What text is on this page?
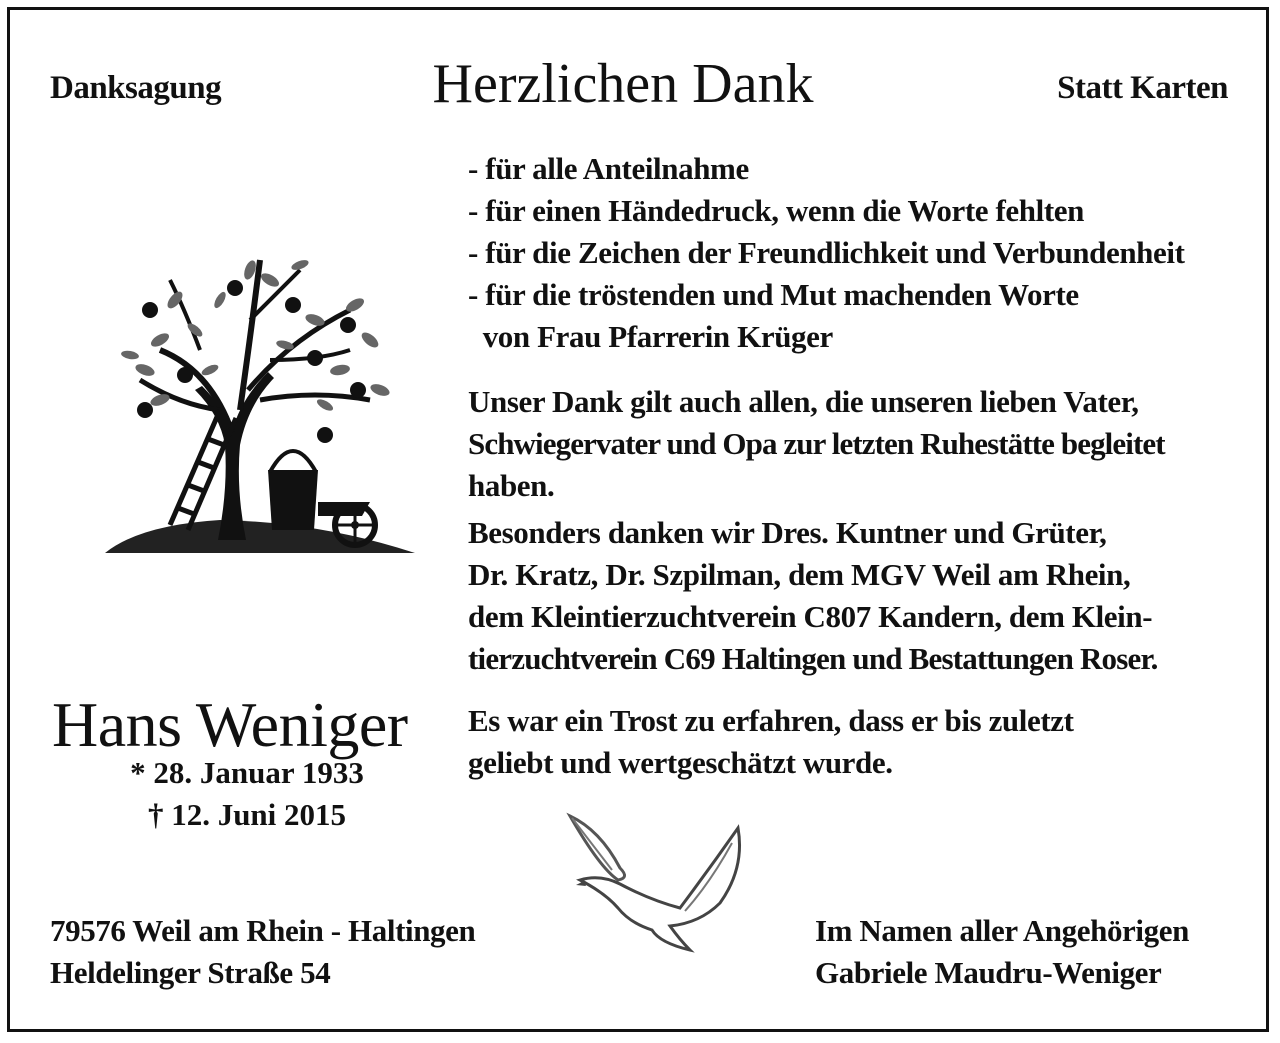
Danksagung	Herzlichen Dank	Statt Karten
- für alle Anteilnahme
- für einen Händedruck, wenn die Worte fehlten
- für die Zeichen der Freundlichkeit und Verbundenheit
- für die tröstenden und Mut machenden Worte
von Frau Pfarrerin Krüger
Unser Dank gilt auch allen, die unseren lieben Vater,
Schwiegervater und Opa zur letzten Ruhestätte begleitet
haben.
Besonders danken wir Dres. Kuntner und Grüter,
Dr. Kratz, Dr. Szpilman, dem MGV Weil am Rhein,
dem Kleintierzuchtverein C807 Kandern, dem Klein-
tierzuchtverein C69 Haltingen und Bestattungen Roser.
Es war ein Trost zu erfahren, dass er bis zuletzt
geliebt und wertgeschätzt wurde.
Hans Weniger
* 28. Januar 1933
† 12. Juni 2015
79576 Weil am Rhein - Haltingen
Heldelinger Straße 54
Im Namen aller Angehörigen
Gabriele Maudru-Weniger
